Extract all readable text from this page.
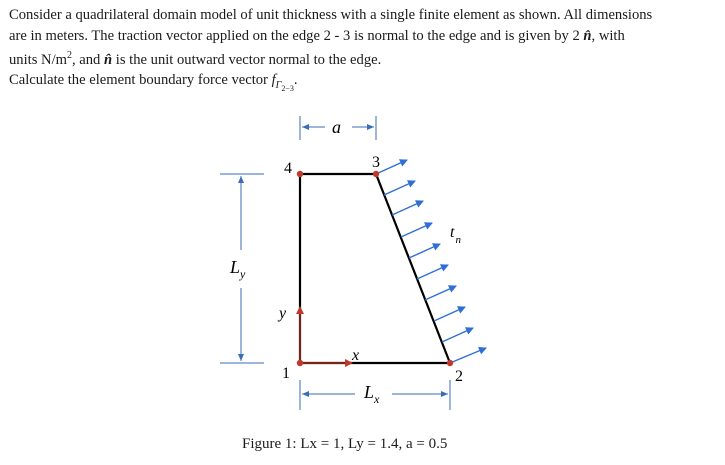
Consider a quadrilateral domain model of unit thickness with a single finite element as shown. All dimensions

are in meters. The traction vector applied on the edge 2 - 3 is normal to the edge and is given by 2 n̂, with

units $N/m^2$, and n̂ is the unit outward vector normal to the edge.

Calculate the element boundary force vector $f_{\Gamma_{2-3}}$.

1	2
3
4
x
y
$t_n$
a
$L_y$
$L_x$
Figure 1: Lx = 1, Ly = 1.4, a = 0.5
